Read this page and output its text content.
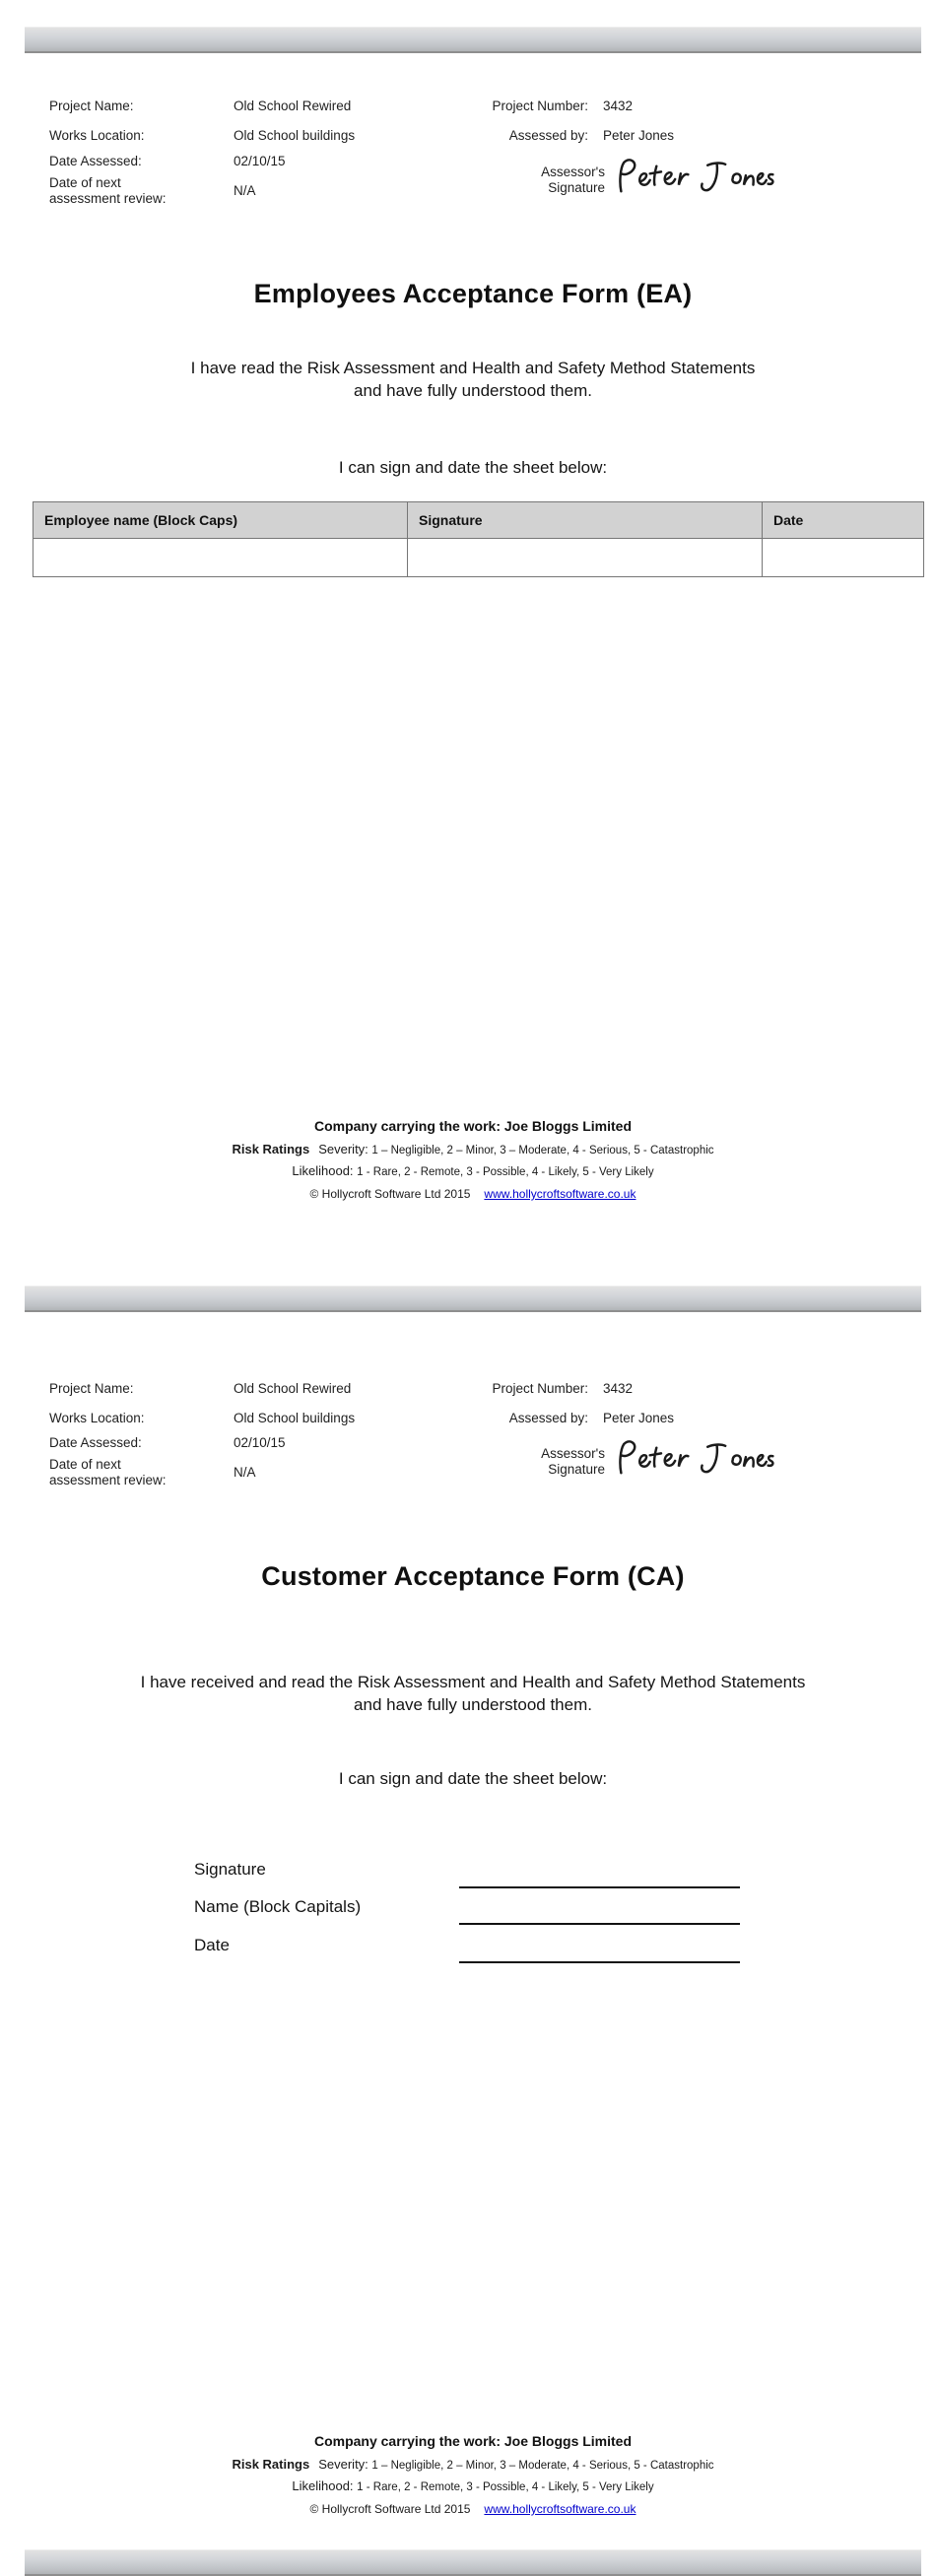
Project Name:	Old School Rewired
Works Location:	Old School buildings
Date Assessed:	02/10/15
Date of next assessment review:
N/A
Project Number: 3432
Assessed by: Peter Jones
Assessor's
Signature
Employees Acceptance Form (EA)
I have read the Risk Assessment and Health and Safety Method Statements
and have fully understood them.
I can sign and date the sheet below:
Employee name (Block Caps)	Signature	Date

Company carrying the work: Joe Bloggs Limited
Risk Ratings Severity: 1 – Negligible, 2 – Minor, 3 – Moderate, 4 - Serious, 5 - Catastrophic
Likelihood: 1 - Rare, 2 - Remote, 3 - Possible, 4 - Likely, 5 - Very Likely
© Hollycroft Software Ltd 2015 www.hollycroftsoftware.co.uk
Project Name:	Old School Rewired
Works Location:	Old School buildings
Date Assessed:	02/10/15
Date of next assessment review:
N/A
Project Number: 3432
Assessed by: Peter Jones
Assessor's
Signature
Customer Acceptance Form (CA)
I have received and read the Risk Assessment and Health and Safety Method Statements
and have fully understood them.
I can sign and date the sheet below:
Signature
Name (Block Capitals)
Date
Company carrying the work: Joe Bloggs Limited
Risk Ratings Severity: 1 – Negligible, 2 – Minor, 3 – Moderate, 4 - Serious, 5 - Catastrophic
Likelihood: 1 - Rare, 2 - Remote, 3 - Possible, 4 - Likely, 5 - Very Likely
© Hollycroft Software Ltd 2015 www.hollycroftsoftware.co.uk
